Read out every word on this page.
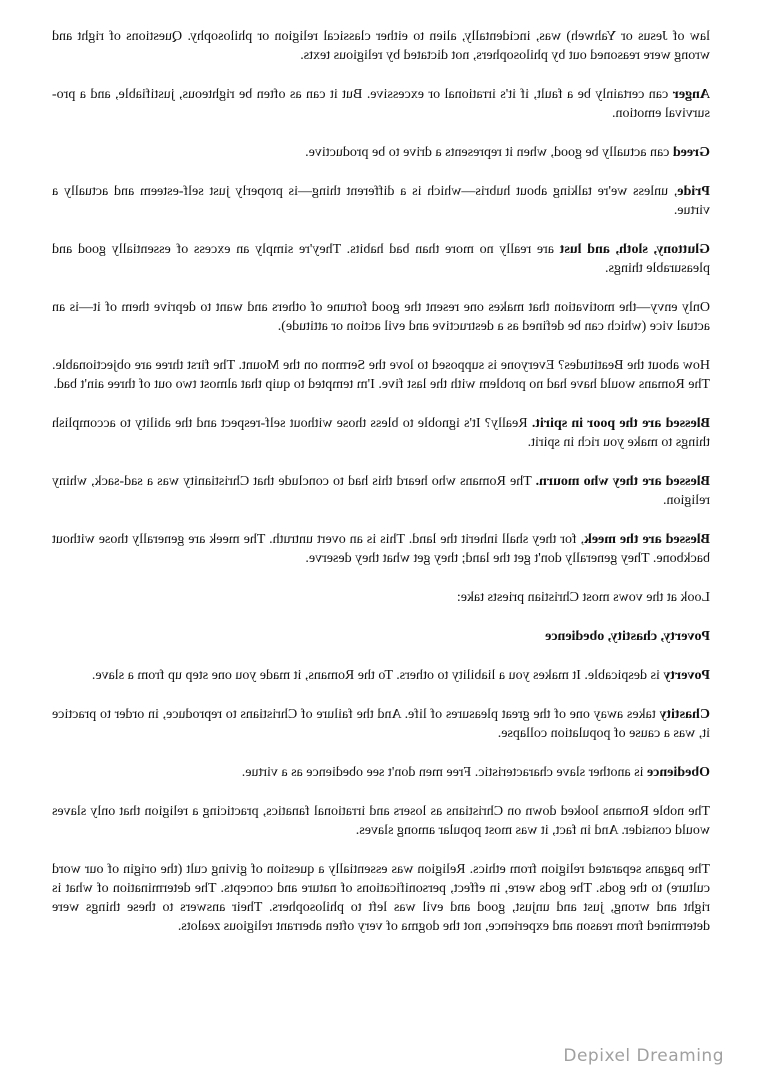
law of Jesus or Yahweh) was, incidentally, alien to either classical religion or philosophy. Questions of right and wrong were reasoned out by philosophers, not dictated by religious texts.

Anger can certainly be a fault, if it's irrational or excessive. But it can as often be righteous, justifiable, and a pro-survival emotion.

Greed can actually be good, when it represents a drive to be productive.

Pride, unless we're talking about hubris—which is a different thing—is properly just self-esteem and actually a virtue.

Gluttony, sloth, and lust are really no more than bad habits. They're simply an excess of essentially good and pleasurable things.

Only envy—the motivation that makes one resent the good fortune of others and want to deprive them of it—is an actual vice (which can be defined as a destructive and evil action or attitude).

How about the Beatitudes? Everyone is supposed to love the Sermon on the Mount. The first three are objectionable. The Romans would have had no problem with the last five. I'm tempted to quip that almost two out of three ain't bad.

Blessed are the poor in spirit. Really? It's ignoble to bless those without self-respect and the ability to accomplish things to make you rich in spirit.

Blessed are they who mourn. The Romans who heard this had to conclude that Christianity was a sad-sack, whiny religion.

Blessed are the meek, for they shall inherit the land. This is an overt untruth. The meek are generally those without backbone. They generally don't get the land; they get what they deserve.

Look at the vows most Christian priests take:

Poverty, chastity, obedience

Poverty is despicable. It makes you a liability to others. To the Romans, it made you one step up from a slave.

Chastity takes away one of the great pleasures of life. And the failure of Christians to reproduce, in order to practice it, was a cause of population collapse.

Obedience is another slave characteristic. Free men don't see obedience as a virtue.

The noble Romans looked down on Christians as losers and irrational fanatics, practicing a religion that only slaves would consider. And in fact, it was most popular among slaves.

The pagans separated religion from ethics. Religion was essentially a question of giving cult (the origin of our word culture) to the gods. The gods were, in effect, personifications of nature and concepts. The determination of what is right and wrong, just and unjust, good and evil was left to philosophers. Their answers to these things were determined from reason and experience, not the dogma of very often aberrant religious zealots.

Depixel Dreaming
